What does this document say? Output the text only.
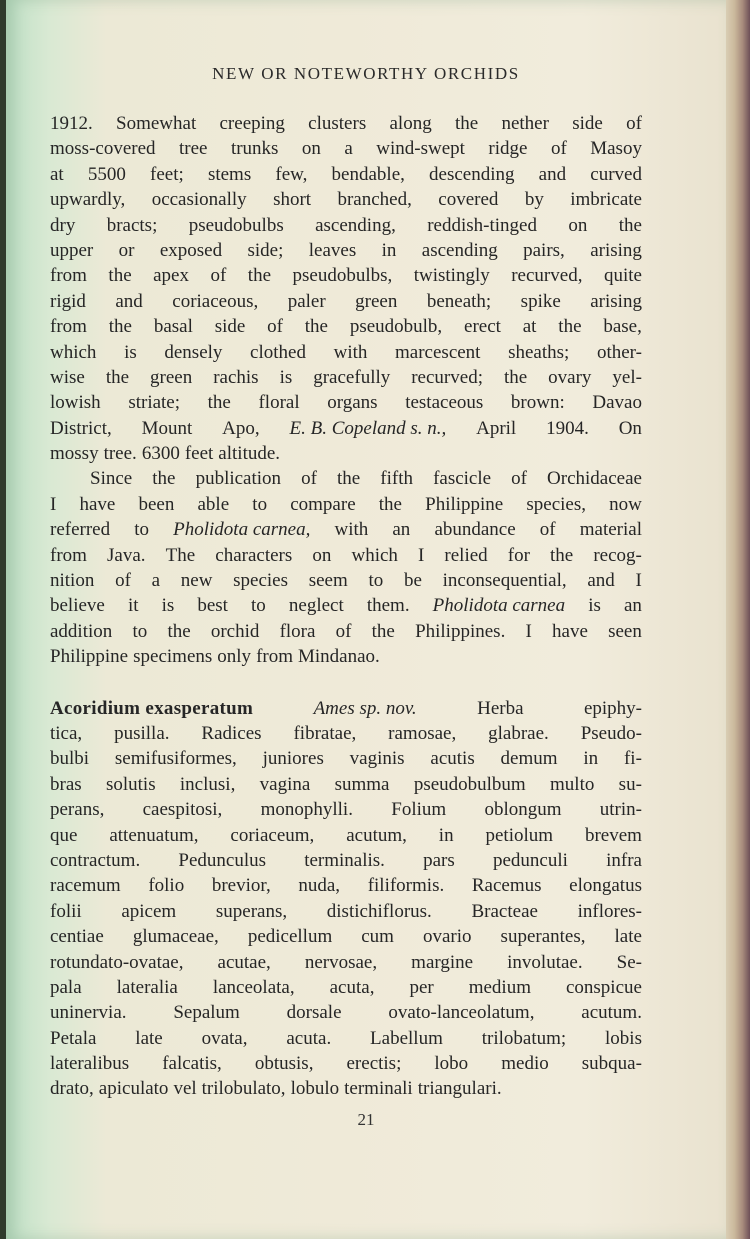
NEW OR NOTEWORTHY ORCHIDS
1912. Somewhat creeping clusters along the nether side of
moss-covered tree trunks on a wind-swept ridge of Masoy
at 5500 feet; stems few, bendable, descending and curved
upwardly, occasionally short branched, covered by imbricate
dry bracts; pseudobulbs ascending, reddish-tinged on the
upper or exposed side; leaves in ascending pairs, arising
from the apex of the pseudobulbs, twistingly recurved, quite
rigid and coriaceous, paler green beneath; spike arising
from the basal side of the pseudobulb, erect at the base,
which is densely clothed with marcescent sheaths; other-
wise the green rachis is gracefully recurved; the ovary yel-
lowish striate; the floral organs testaceous brown: Davao
District, Mount Apo, E. B. Copeland s. n., April 1904. On
mossy tree. 6300 feet altitude.
Since the publication of the fifth fascicle of Orchidaceae
I have been able to compare the Philippine species, now
referred to Pholidota carnea, with an abundance of material
from Java. The characters on which I relied for the recog-
nition of a new species seem to be inconsequential, and I
believe it is best to neglect them. Pholidota carnea is an
addition to the orchid flora of the Philippines. I have seen
Philippine specimens only from Mindanao.
Acoridium exasperatum	Ames sp. nov.	Herba	epiphy-
tica, pusilla. Radices fibratae, ramosae, glabrae. Pseudo-
bulbi semifusiformes, juniores vaginis acutis demum in fi-
bras solutis inclusi, vagina summa pseudobulbum multo su-
perans, caespitosi, monophylli. Folium oblongum utrin-
que attenuatum, coriaceum, acutum, in petiolum brevem
contractum. Pedunculus terminalis. pars pedunculi infra
racemum folio brevior, nuda, filiformis. Racemus elongatus
folii apicem superans, distichiflorus. Bracteae inflores-
centiae glumaceae, pedicellum cum ovario superantes, late
rotundato-ovatae, acutae, nervosae, margine involutae. Se-
pala lateralia lanceolata, acuta, per medium conspicue
uninervia. Sepalum dorsale ovato-lanceolatum, acutum.
Petala late ovata, acuta. Labellum trilobatum; lobis
lateralibus falcatis, obtusis, erectis; lobo medio subqua-
drato, apiculato vel trilobulato, lobulo terminali triangulari.
21
